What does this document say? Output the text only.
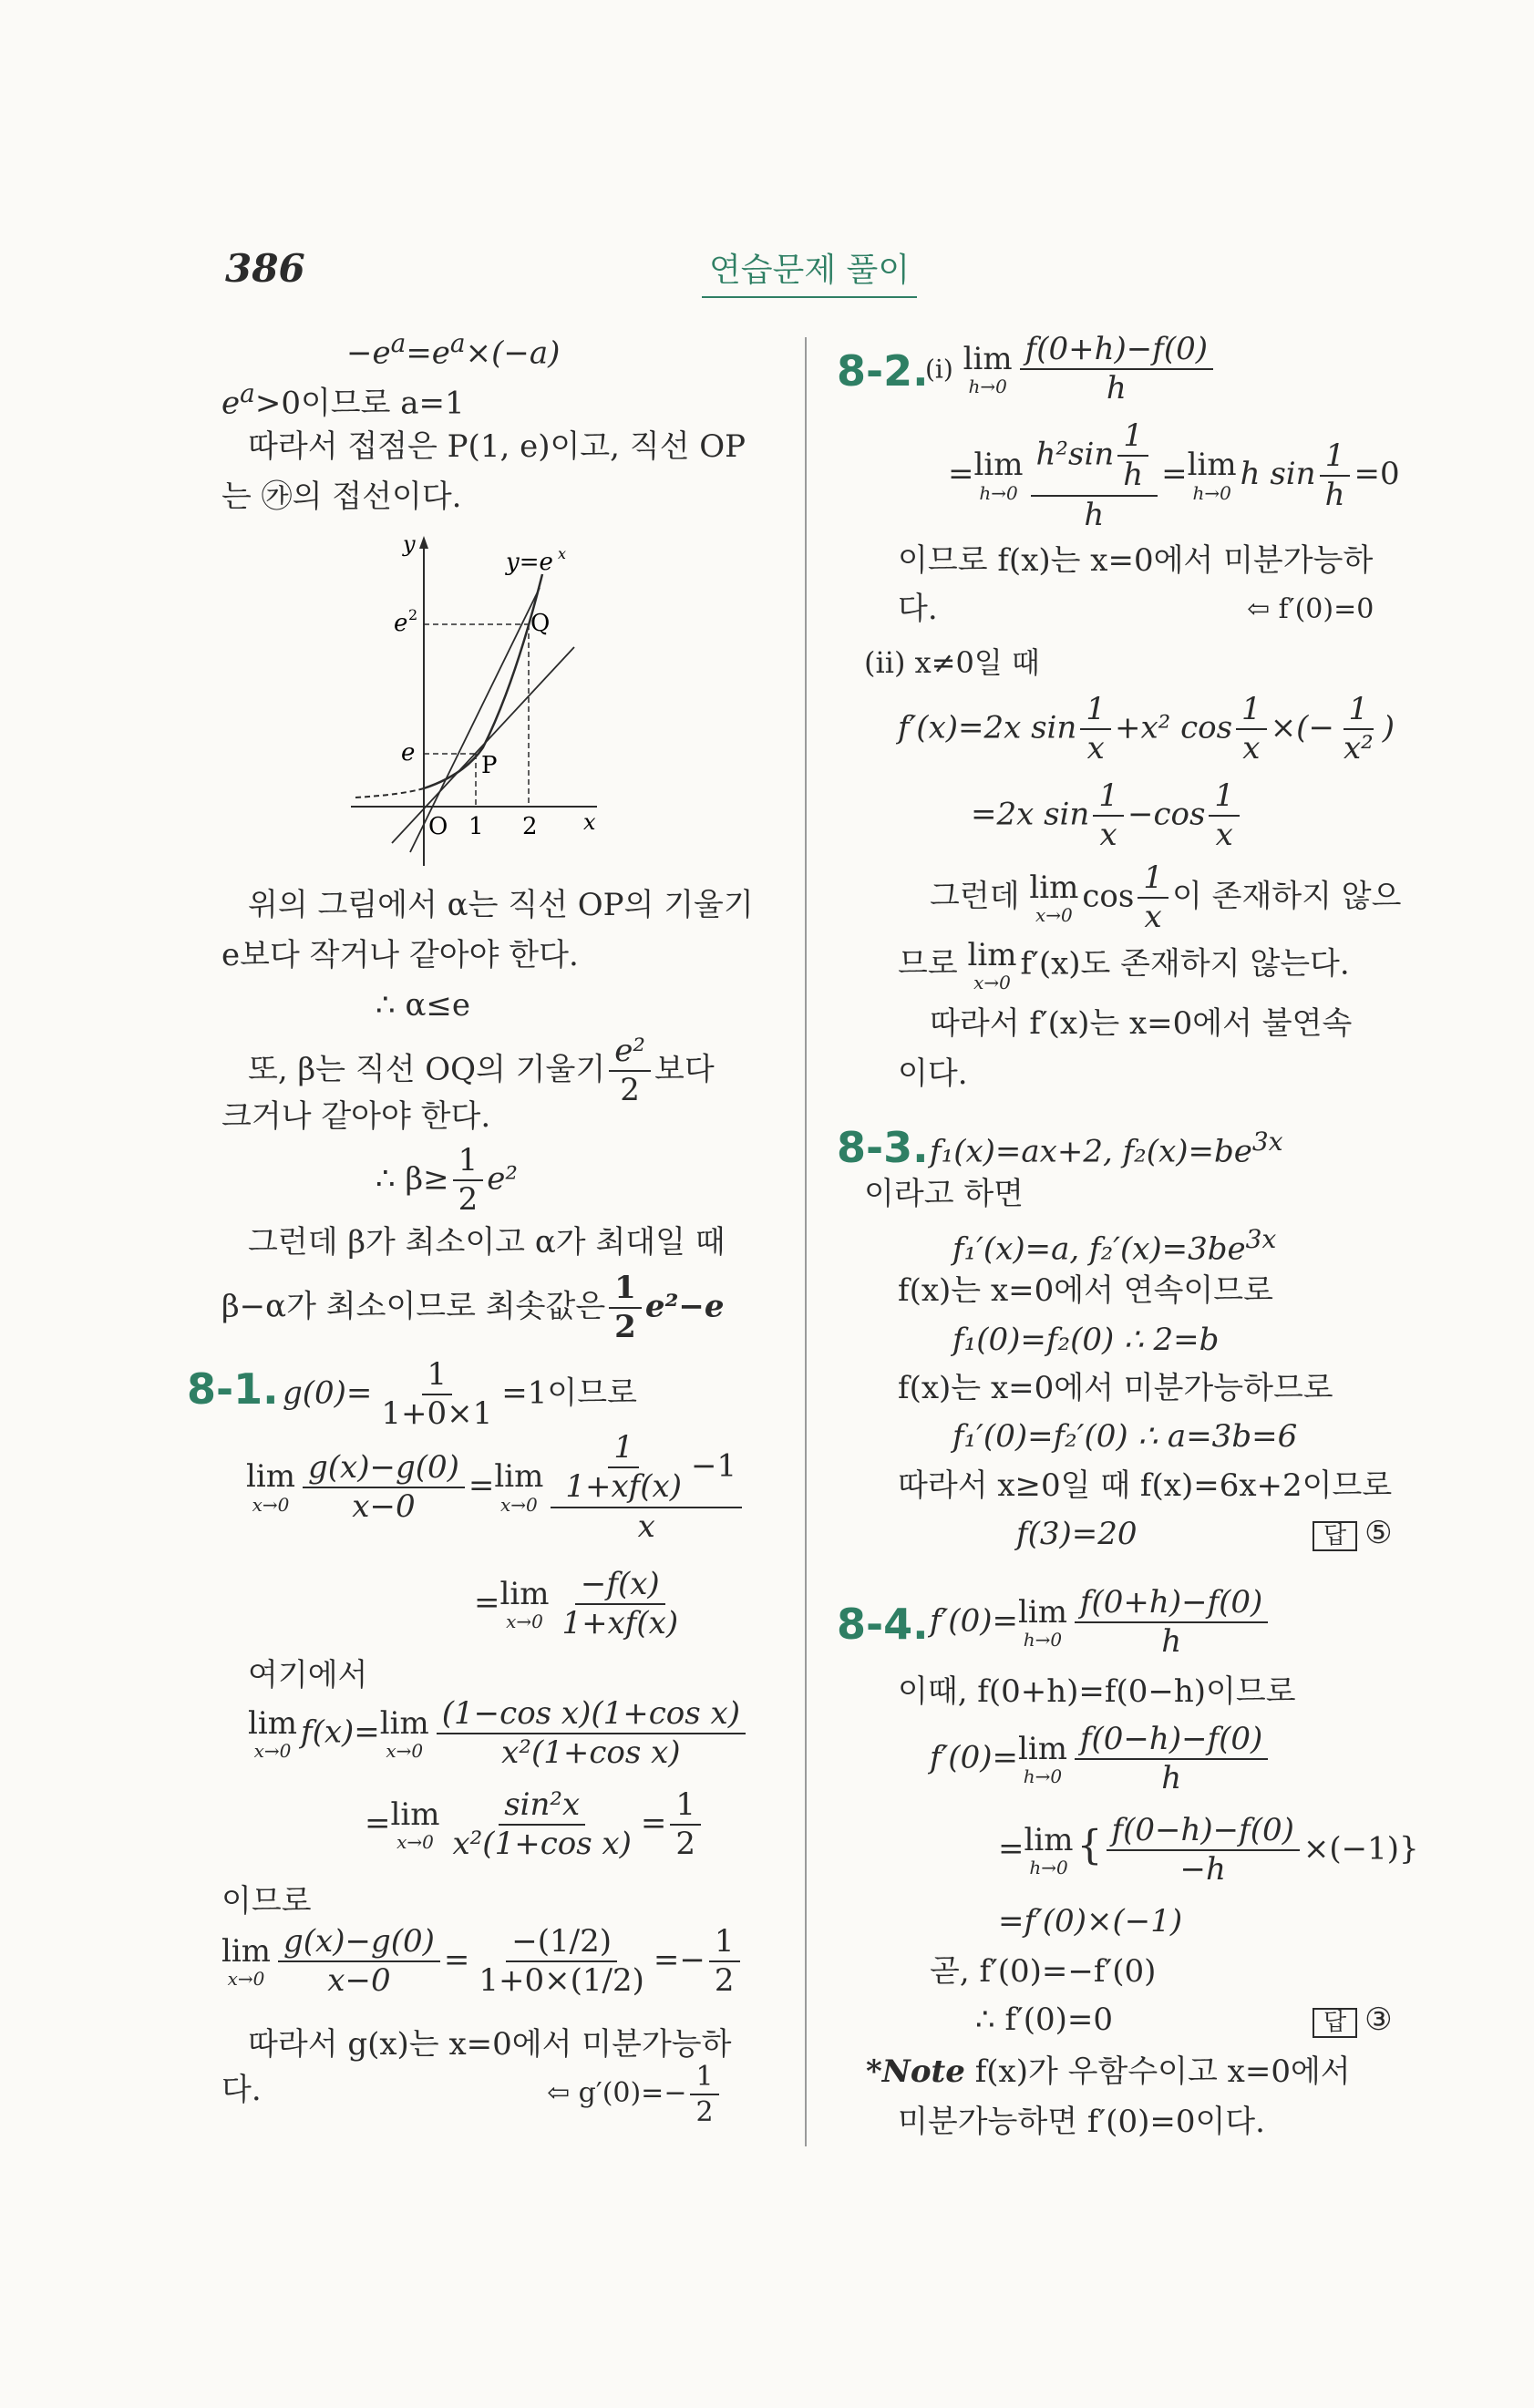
386	연습문제 풀이
$-e^a=e^a\times(-a)$
$e^a>0$이므로 a=1
따라서 접점은 P(1, e)이고, 직선 OP
는 ㉮의 접선이다.
y
x
y=e x
e 2
e	P
Q
O 1 2
위의 그림에서 α는 직선 OP의 기울기
e보다 작거나 같아야 한다.
∴ α≤e
또, β는 직선 OQ의 기울기 $\frac{\text{e²}}{2}$ 보다
크거나 같아야 한다.
∴ $\beta\ge \frac{1}{2} e^2$
그런데 β가 최소이고 α가 최대일 때
β−α가 최소이므로 최솟값은 $\frac{1}{2} e^2-e$
8-1. $g(0)= \frac{1}{1+0\times 1} =1$이므로
lim
$x\to 0 \frac{g(x)-g(0)}{x-0} = \lim$
$x\to 0 \frac{\frac{1}{1+xf(x)} -1}{x}$
= lim
$x\to 0 \frac{-f(x)}{1+xf(x)}$
여기에서
lim
x→0
f(x)= lim
$x\to 0 \frac{\text{(1−cos x)(1+cos x)}}{\text{x²(1+cos x)}}$
= lim
$x\to 0 \frac{\text{sin²x}}{\text{x²(1+cos x)}} = \frac{1}{2}$
이므로
lim
$x\to 0 \frac{g(x)-g(0)}{x-0} = \frac{-(1/2)}{1+0\times(1/2)} =- \frac{1}{2}$
따라서 g(x)는 x=0에서 미분가능하
다.	⇦ $g'(0)=- \frac{1}{2}$
8-2.
(i) lim
$h\to 0 \frac{f(0+h)-f(0)}{h}$
= lim
$h\to 0 \frac{h^2\sin \frac{1}{h}}{h} = \lim$
h→0
h $\sin \frac{1}{h} =0$
이므로 f(x)는 x=0에서 미분가능하
다.	⇦ f′(0)=0
(ii) x≠0일 때
f′(x)=2x $\sin \frac{1}{x} +x^2$ $\cos \frac{1}{x}$ ×(− $\frac{1}{\text{x²}}$ )
=2x $\sin \frac{1}{x} -\cos \frac{1}{x}$
그런데 lim
x→0
$\cos \frac{1}{x}$ 이 존재하지 않으
므로 lim
x→0
f′(x)도 존재하지 않는다.
따라서 f′(x)는 x=0에서 불연속
이다.
8-3. f₁(x)=ax+2, $f_2(x)=be^{3x}$
이라고 하면
f₁′(x)=a, $f_2'(x)=3be^{3x}$
f(x)는 x=0에서 연속이므로
f₁(0)=f₂(0) ∴ 2=b
f(x)는 x=0에서 미분가능하므로
f₁′(0)=f₂′(0) ∴ a=3b=6
따라서 x≥0일 때 f(x)=6x+2이므로
f(3)=20	답 ⑤
8-4. f′(0)= lim
$h\to 0 \frac{f(0+h)-f(0)}{h}$
이때, f(0+h)=f(0−h)이므로
f′(0)= lim
$h\to 0 \frac{f(0-h)-f(0)}{h}$
= lim
h→0 { $\frac{f(0-h)-f(0)}{-h} \times(-1)$}
=f′(0)×(−1)
곧, f′(0)=−f′(0)
∴ f′(0)=0	답 ③
*Note f(x)가 우함수이고 x=0에서
미분가능하면 f′(0)=0이다.
